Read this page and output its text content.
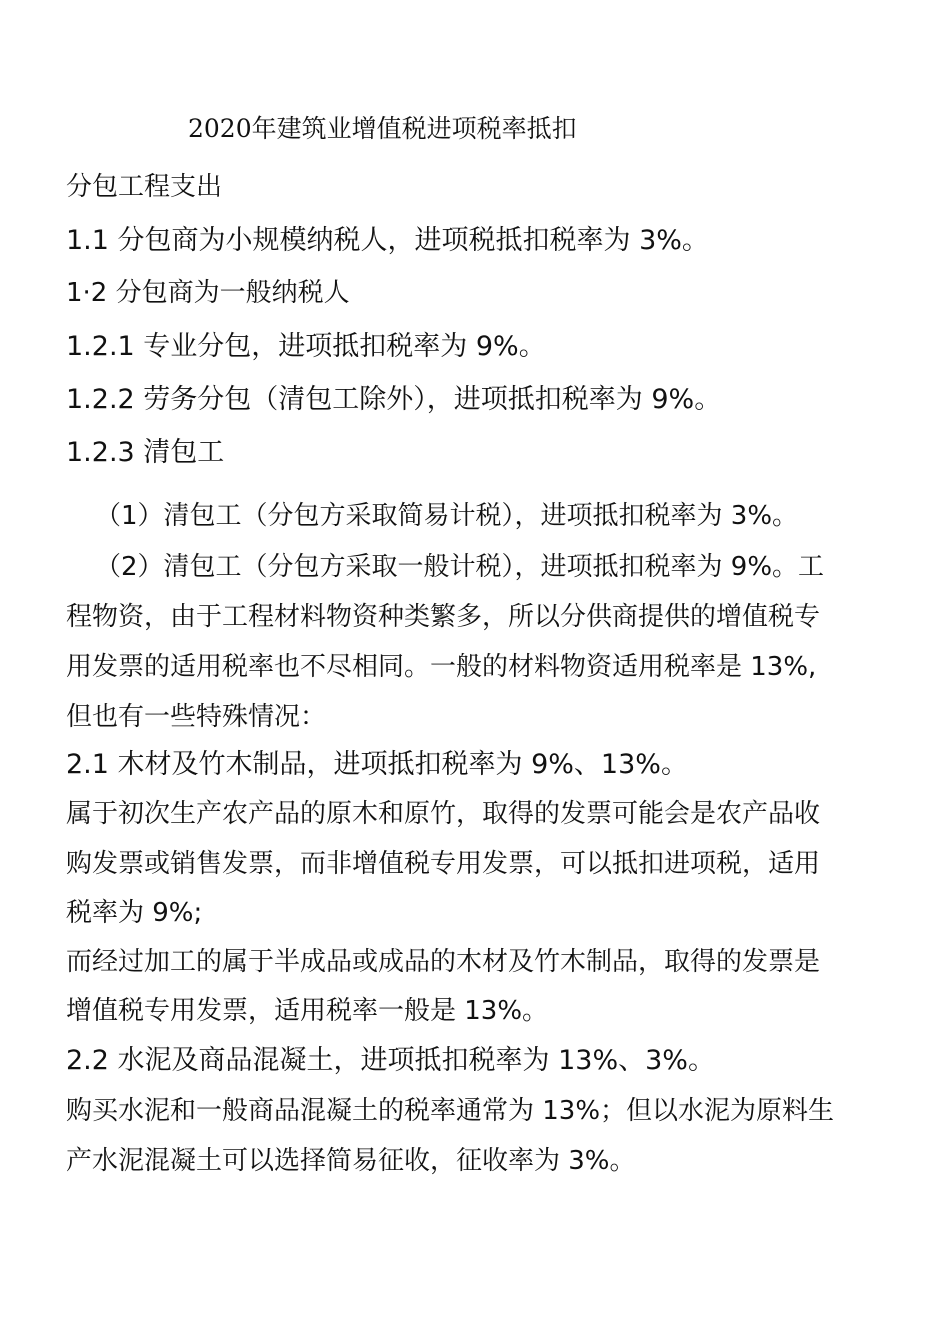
2020年建筑业增值税进项税率抵扣
分包工程支出
1.1 分包商为小规模纳税人，进项税抵扣税率为 3%。
1·2 分包商为一般纳税人
1.2.1 专业分包，进项抵扣税率为 9%。
1.2.2 劳务分包（清包工除外），进项抵扣税率为 9%。
1.2.3 清包工
（1）清包工（分包方采取简易计税），进项抵扣税率为 3%。
（2）清包工（分包方采取一般计税），进项抵扣税率为 9%。工
程物资，由于工程材料物资种类繁多，所以分供商提供的增值税专
用发票的适用税率也不尽相同。一般的材料物资适用税率是 13%,
但也有一些特殊情况：
2.1 木材及竹木制品，进项抵扣税率为 9%、13%。
属于初次生产农产品的原木和原竹，取得的发票可能会是农产品收
购发票或销售发票，而非增值税专用发票，可以抵扣进项税，适用
税率为 9%;
而经过加工的属于半成品或成品的木材及竹木制品，取得的发票是
增值税专用发票，适用税率一般是 13%。
2.2 水泥及商品混凝土，进项抵扣税率为 13%、3%。
购买水泥和一般商品混凝土的税率通常为 13%；但以水泥为原料生
产水泥混凝土可以选择简易征收，征收率为 3%。
